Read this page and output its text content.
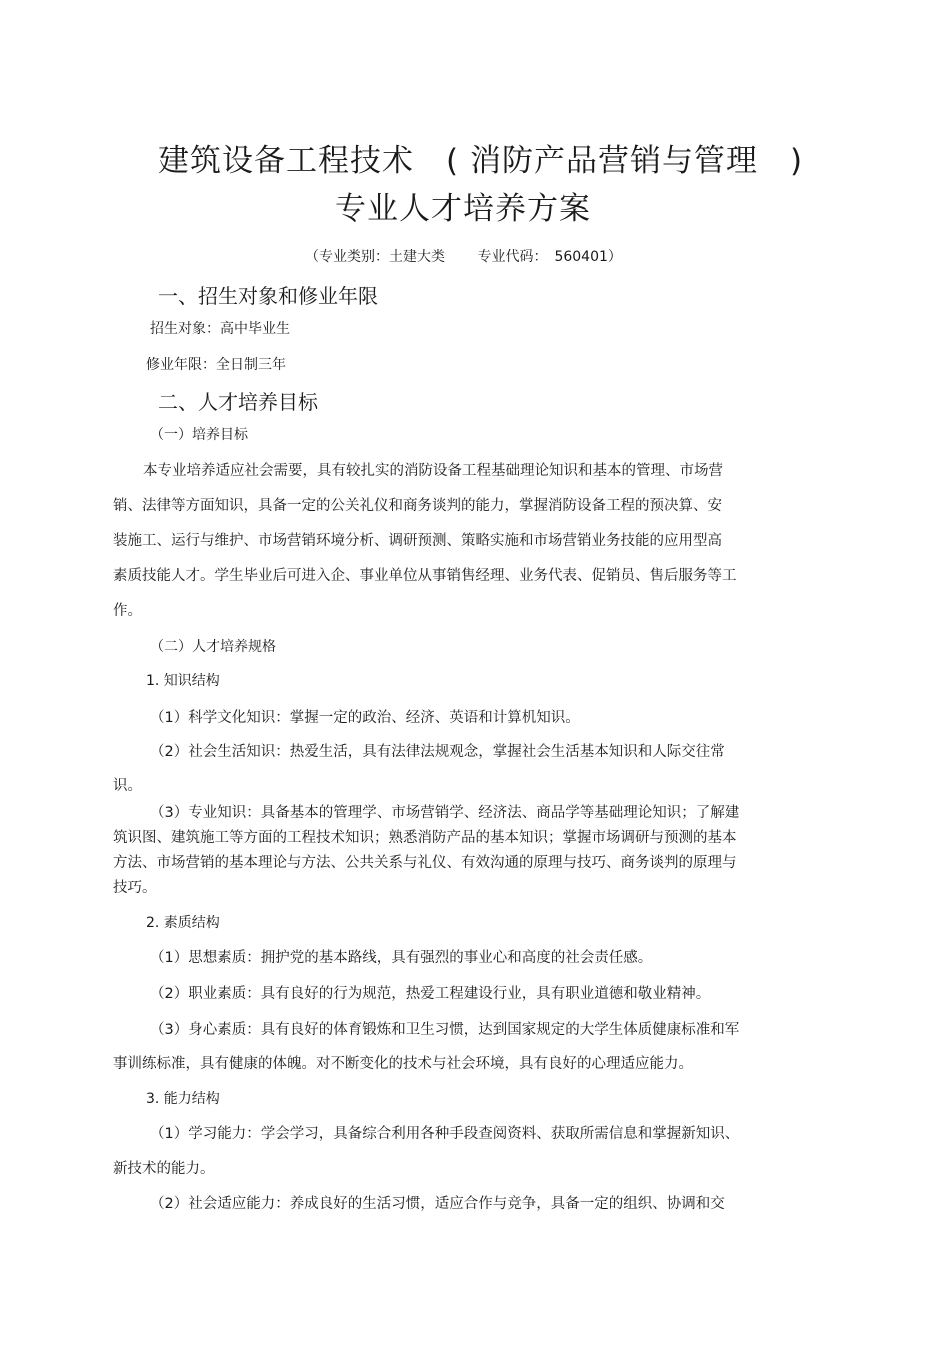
建筑设备工程技术　( 消防产品营销与管理　)
专业人才培养方案
（专业类别：土建大类　　 专业代码：　560401）
一、招生对象和修业年限
招生对象：高中毕业生
修业年限：全日制三年
二、人才培养目标
（一）培养目标
本专业培养适应社会需要，具有较扎实的消防设备工程基础理论知识和基本的管理、市场营
销、法律等方面知识，具备一定的公关礼仪和商务谈判的能力，掌握消防设备工程的预决算、安
装施工、运行与维护、市场营销环境分析、调研预测、策略实施和市场营销业务技能的应用型高
素质技能人才。学生毕业后可进入企、事业单位从事销售经理、业务代表、促销员、售后服务等工
作。
（二）人才培养规格
1. 知识结构
（1）科学文化知识：掌握一定的政治、经济、英语和计算机知识。
（2）社会生活知识：热爱生活，具有法律法规观念，掌握社会生活基本知识和人际交往常
识。
（3）专业知识：具备基本的管理学、市场营销学、经济法、商品学等基础理论知识；了解建
筑识图、建筑施工等方面的工程技术知识；熟悉消防产品的基本知识；掌握市场调研与预测的基本
方法、市场营销的基本理论与方法、公共关系与礼仪、有效沟通的原理与技巧、商务谈判的原理与
技巧。
2. 素质结构
（1）思想素质：拥护党的基本路线，具有强烈的事业心和高度的社会责任感。
（2）职业素质：具有良好的行为规范，热爱工程建设行业，具有职业道德和敬业精神。
（3）身心素质：具有良好的体育锻炼和卫生习惯，达到国家规定的大学生体质健康标准和军
事训练标准，具有健康的体魄。对不断变化的技术与社会环境，具有良好的心理适应能力。
3. 能力结构
（1）学习能力：学会学习，具备综合利用各种手段查阅资料、获取所需信息和掌握新知识、
新技术的能力。
（2）社会适应能力：养成良好的生活习惯，适应合作与竞争，具备一定的组织、协调和交
